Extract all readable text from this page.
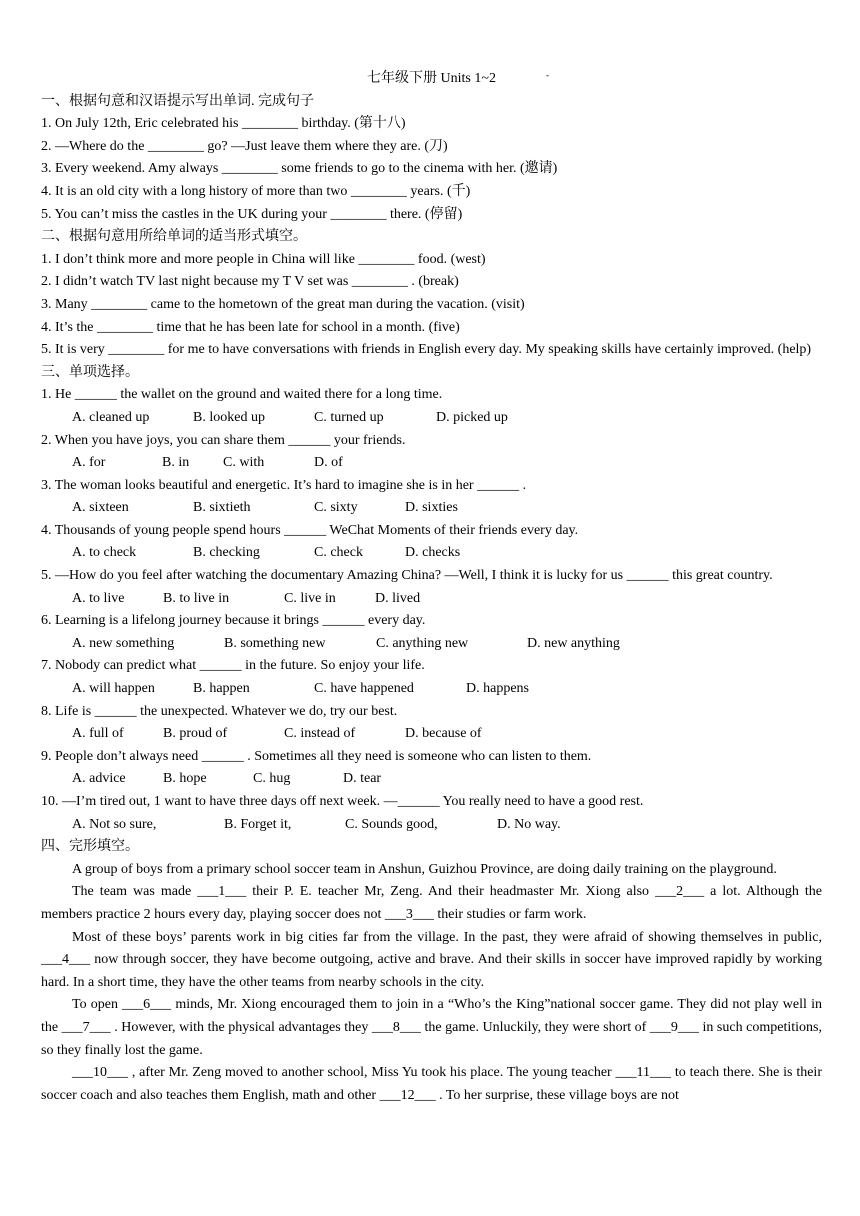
七年级下册 Units 1~2	-
一、根据句意和汉语提示写出单词. 完成句子
1. On July 12th, Eric celebrated his ________ birthday. (第十八)
2. —Where do the ________ go? —Just leave them where they are. (刀)
3. Every weekend. Amy always ________ some friends to go to the cinema with her. (邀请)
4. It is an old city with a long history of more than two ________ years. (千)
5. You can’t miss the castles in the UK during your ________ there. (停留)
二、根据句意用所给单词的适当形式填空。
1. I don’t think more and more people in China will like ________ food. (west)
2. I didn’t watch TV last night because my T V set was ________ . (break)
3. Many ________ came to the hometown of the great man during the vacation. (visit)
4. It’s the ________ time that he has been late for school in a month. (five)
5. It is very ________ for me to have conversations with friends in English every day. My speaking skills have certainly improved. (help)
三、单项选择。
1. He ______ the wallet on the ground and waited there for a long time.
A. cleaned up	B. looked up	C. turned up	D. picked up
2. When you have joys, you can share them ______ your friends.
A. for	B. in C. with	D. of
3. The woman looks beautiful and energetic. It’s hard to imagine she is in her ______ .
A. sixteen	B. sixtieth	C. sixty	D. sixties
4. Thousands of young people spend hours ______ WeChat Moments of their friends every day.
A. to check	B. checking	C. check	D. checks
5. —How do you feel after watching the documentary Amazing China? —Well, I think it is lucky for us ______ this great country.
A. to live	B. to live in	C. live in	D. lived
6. Learning is a lifelong journey because it brings ______ every day.
A. new something	B. something new	C. anything new	D. new anything
7. Nobody can predict what ______ in the future. So enjoy your life.
A. will happen	B. happen	C. have happened	D. happens
8. Life is ______ the unexpected. Whatever we do, try our best.
A. full of	B. proud of	C. instead of	D. because of
9. People don’t always need ______ . Sometimes all they need is someone who can listen to them.
A. advice	B. hope	C. hug	D. tear
10. —I’m tired out, 1 want to have three days off next week. —______ You really need to have a good rest.
A. Not so sure,	B. Forget it,	C. Sounds good,	D. No way.
四、完形填空。
A group of boys from a primary school soccer team in Anshun, Guizhou Province, are doing daily training on the playground.
The team was made ___1___ their P. E. teacher Mr, Zeng. And their headmaster Mr. Xiong also ___2___ a lot. Although the members practice 2 hours every day, playing soccer does not ___3___ their studies or farm work.
Most of these boys’ parents work in big cities far from the village. In the past, they were afraid of showing themselves in public, ___4___ now through soccer, they have become outgoing, active and brave. And their skills in soccer have improved rapidly by working hard. In a short time, they have the other teams from nearby schools in the city.
To open ___6___ minds, Mr. Xiong encouraged them to join in a “Who’s the King”national soccer game. They did not play well in the ___7___ . However, with the physical advantages they ___8___ the game. Unluckily, they were short of ___9___ in such competitions, so they finally lost the game.
___10___ , after Mr. Zeng moved to another school, Miss Yu took his place. The young teacher ___11___ to teach there. She is their soccer coach and also teaches them English, math and other ___12___ . To her surprise, these village boys are not
